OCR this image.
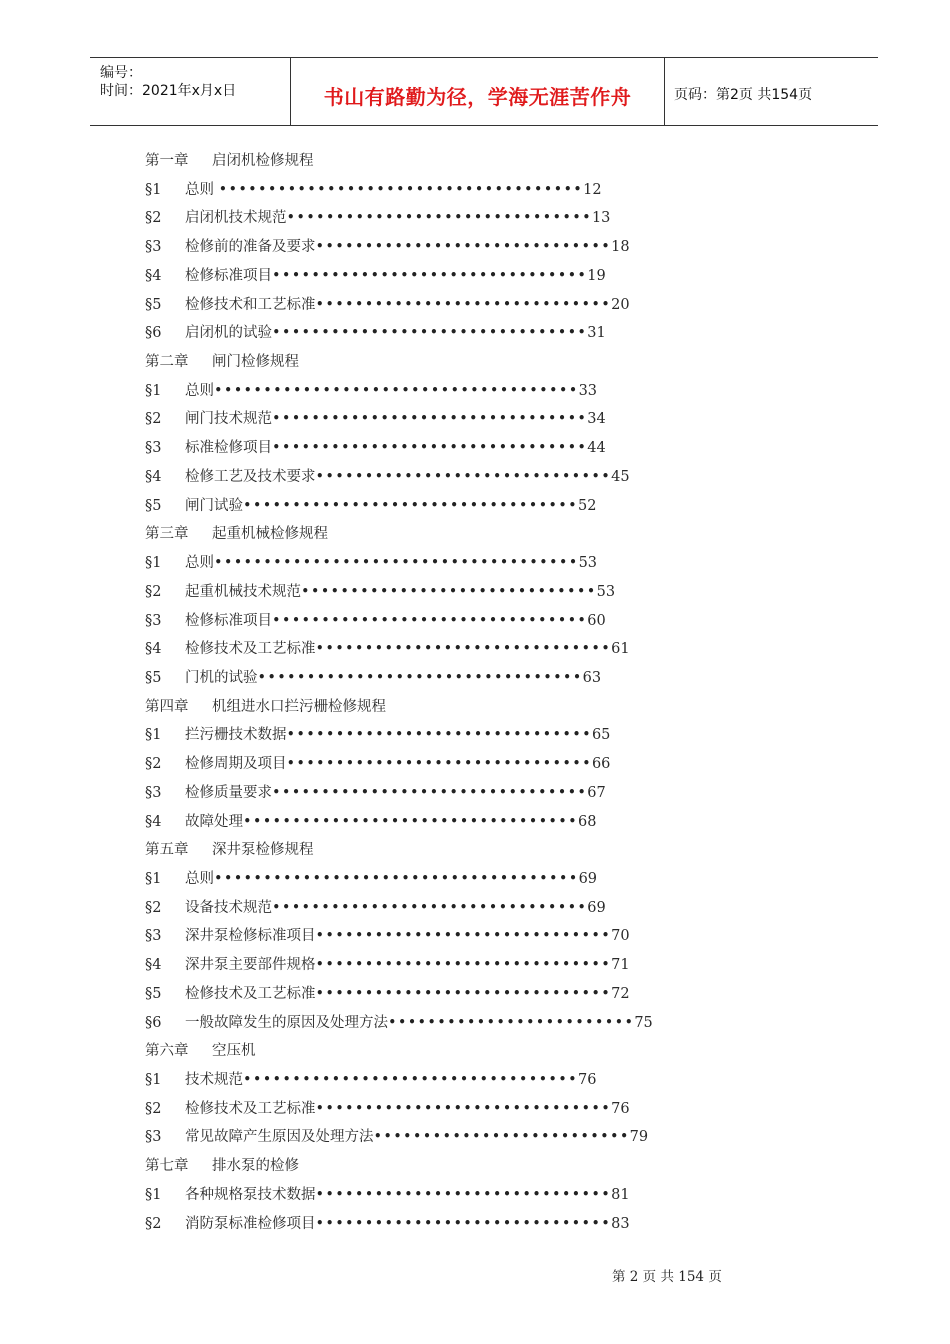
编号：
时间：2021年x月x日	书山有路勤为径，学海无涯苦作舟	页码：第2页 共154页
第一章 启闭机检修规程
§1 总则 •••••••••••••••••••••••••••••••••••••12
§2 启闭机技术规范•••••••••••••••••••••••••••••••13
§3 检修前的准备及要求••••••••••••••••••••••••••••••18
§4 检修标准项目••••••••••••••••••••••••••••••••19
§5 检修技术和工艺标准••••••••••••••••••••••••••••••20
§6 启闭机的试验••••••••••••••••••••••••••••••••31
第二章 闸门检修规程
§1 总则•••••••••••••••••••••••••••••••••••••33
§2 闸门技术规范••••••••••••••••••••••••••••••••34
§3 标准检修项目••••••••••••••••••••••••••••••••44
§4 检修工艺及技术要求••••••••••••••••••••••••••••••45
§5 闸门试验••••••••••••••••••••••••••••••••••52
第三章 起重机械检修规程
§1 总则•••••••••••••••••••••••••••••••••••••53
§2 起重机械技术规范••••••••••••••••••••••••••••••53
§3 检修标准项目••••••••••••••••••••••••••••••••60
§4 检修技术及工艺标准••••••••••••••••••••••••••••••61
§5 门机的试验•••••••••••••••••••••••••••••••••63
第四章 机组进水口拦污栅检修规程
§1 拦污栅技术数据•••••••••••••••••••••••••••••••65
§2 检修周期及项目•••••••••••••••••••••••••••••••66
§3 检修质量要求••••••••••••••••••••••••••••••••67
§4 故障处理••••••••••••••••••••••••••••••••••68
第五章 深井泵检修规程
§1 总则•••••••••••••••••••••••••••••••••••••69
§2 设备技术规范••••••••••••••••••••••••••••••••69
§3 深井泵检修标准项目••••••••••••••••••••••••••••••70
§4 深井泵主要部件规格••••••••••••••••••••••••••••••71
§5 检修技术及工艺标准••••••••••••••••••••••••••••••72
§6 一般故障发生的原因及处理方法•••••••••••••••••••••••••75
第六章 空压机
§1 技术规范••••••••••••••••••••••••••••••••••76
§2 检修技术及工艺标准••••••••••••••••••••••••••••••76
§3 常见故障产生原因及处理方法••••••••••••••••••••••••••79
第七章 排水泵的检修
§1 各种规格泵技术数据••••••••••••••••••••••••••••••81
§2 消防泵标准检修项目••••••••••••••••••••••••••••••83
第 2 页 共 154 页
